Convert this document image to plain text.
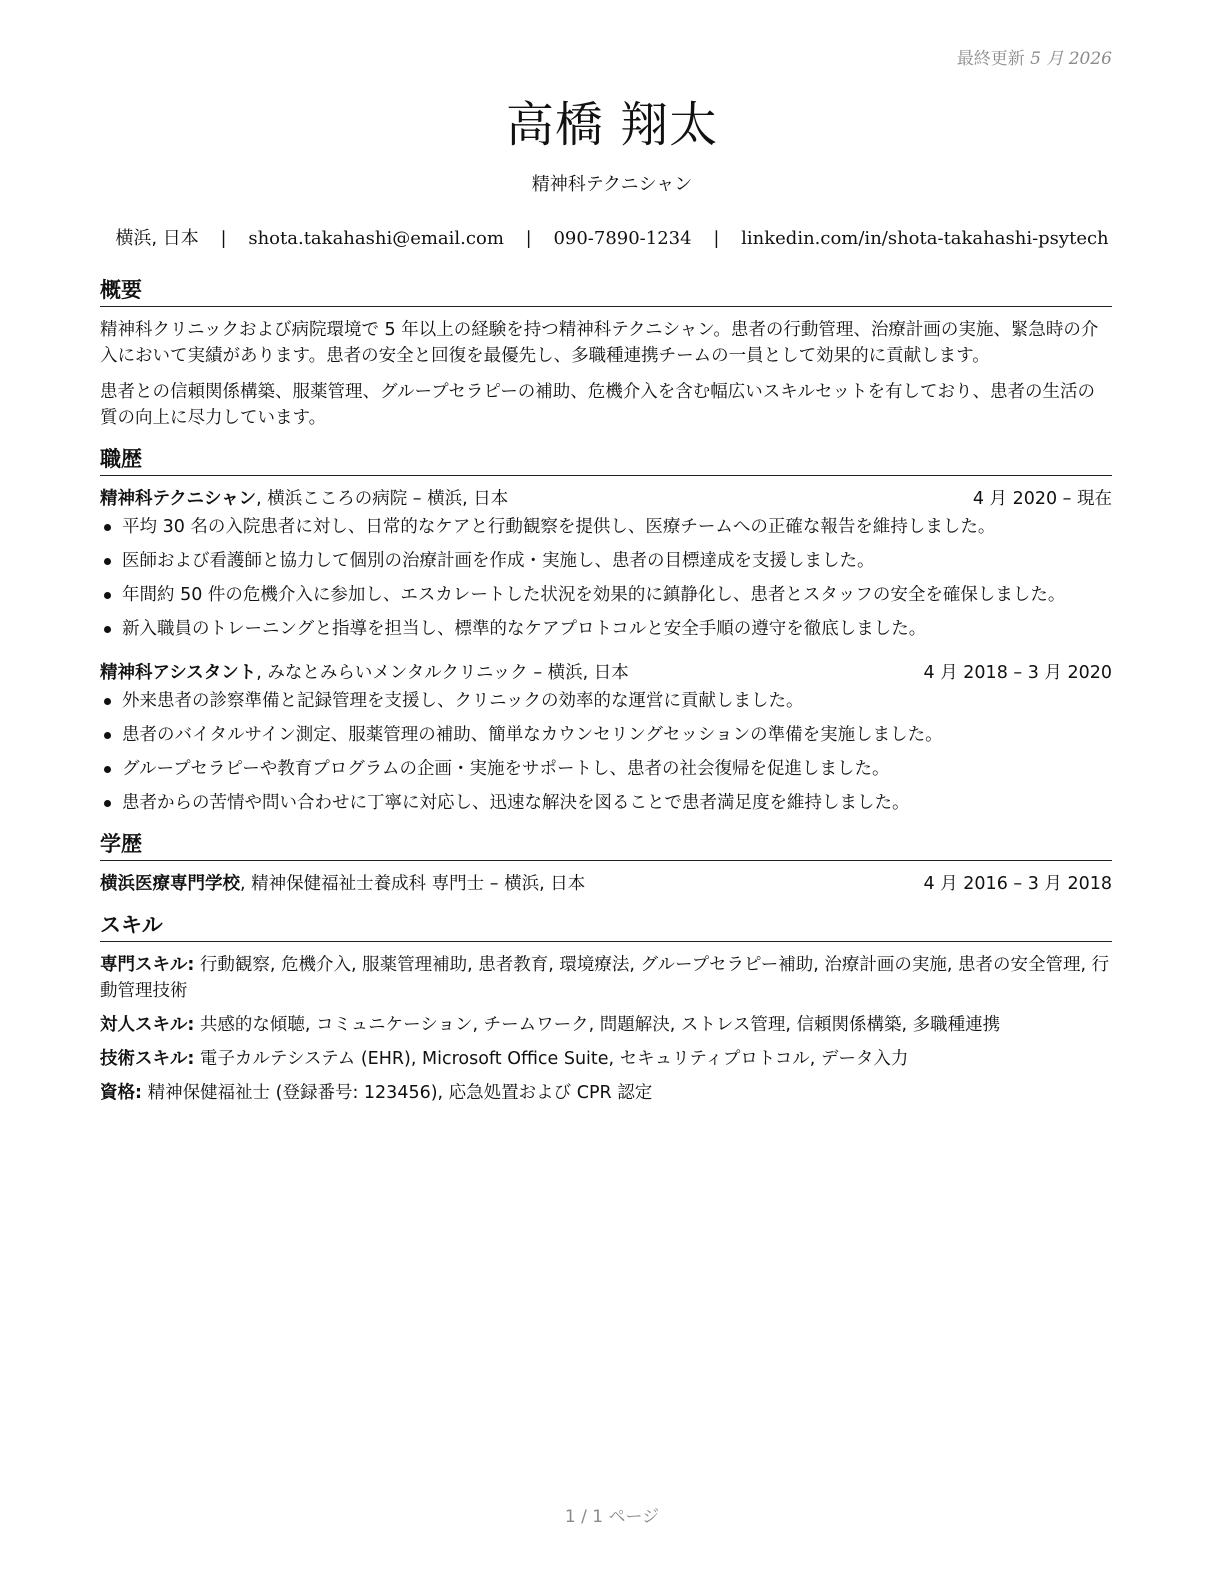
最終更新 5 月 2026
高橋 翔太
精神科テクニシャン
横浜, 日本 | shota.takahashi@email.com | 090-7890-1234 | linkedin.com/in/shota-takahashi-psytech
概要

精神科クリニックおよび病院環境で 5 年以上の経験を持つ精神科テクニシャン。患者の行動管理、治療計画の実施、緊急時の介入において実績があります。患者の安全と回復を最優先し、多職種連携チームの一員として効果的に貢献します。

患者との信頼関係構築、服薬管理、グループセラピーの補助、危機介入を含む幅広いスキルセットを有しており、患者の生活の質の向上に尽力しています。

職歴
精神科テクニシャン, 横浜こころの病院 – 横浜, 日本	4 月 2020 – 現在
平均 30 名の入院患者に対し、日常的なケアと行動観察を提供し、医療チームへの正確な報告を維持しました。
医師および看護師と協力して個別の治療計画を作成・実施し、患者の目標達成を支援しました。
年間約 50 件の危機介入に参加し、エスカレートした状況を効果的に鎮静化し、患者とスタッフの安全を確保しました。
新入職員のトレーニングと指導を担当し、標準的なケアプロトコルと安全手順の遵守を徹底しました。
精神科アシスタント, みなとみらいメンタルクリニック – 横浜, 日本	4 月 2018 – 3 月 2020
外来患者の診察準備と記録管理を支援し、クリニックの効率的な運営に貢献しました。
患者のバイタルサイン測定、服薬管理の補助、簡単なカウンセリングセッションの準備を実施しました。
グループセラピーや教育プログラムの企画・実施をサポートし、患者の社会復帰を促進しました。
患者からの苦情や問い合わせに丁寧に対応し、迅速な解決を図ることで患者満足度を維持しました。
学歴
横浜医療専門学校, 精神保健福祉士養成科 専門士 – 横浜, 日本	4 月 2016 – 3 月 2018
スキル
専門スキル: 行動観察, 危機介入, 服薬管理補助, 患者教育, 環境療法, グループセラピー補助, 治療計画の実施, 患者の安全管理, 行動管理技術
対人スキル: 共感的な傾聴, コミュニケーション, チームワーク, 問題解決, ストレス管理, 信頼関係構築, 多職種連携
技術スキル: 電子カルテシステム (EHR), Microsoft Office Suite, セキュリティプロトコル, データ入力
資格: 精神保健福祉士 (登録番号: 123456), 応急処置および CPR 認定
1 / 1 ページ
